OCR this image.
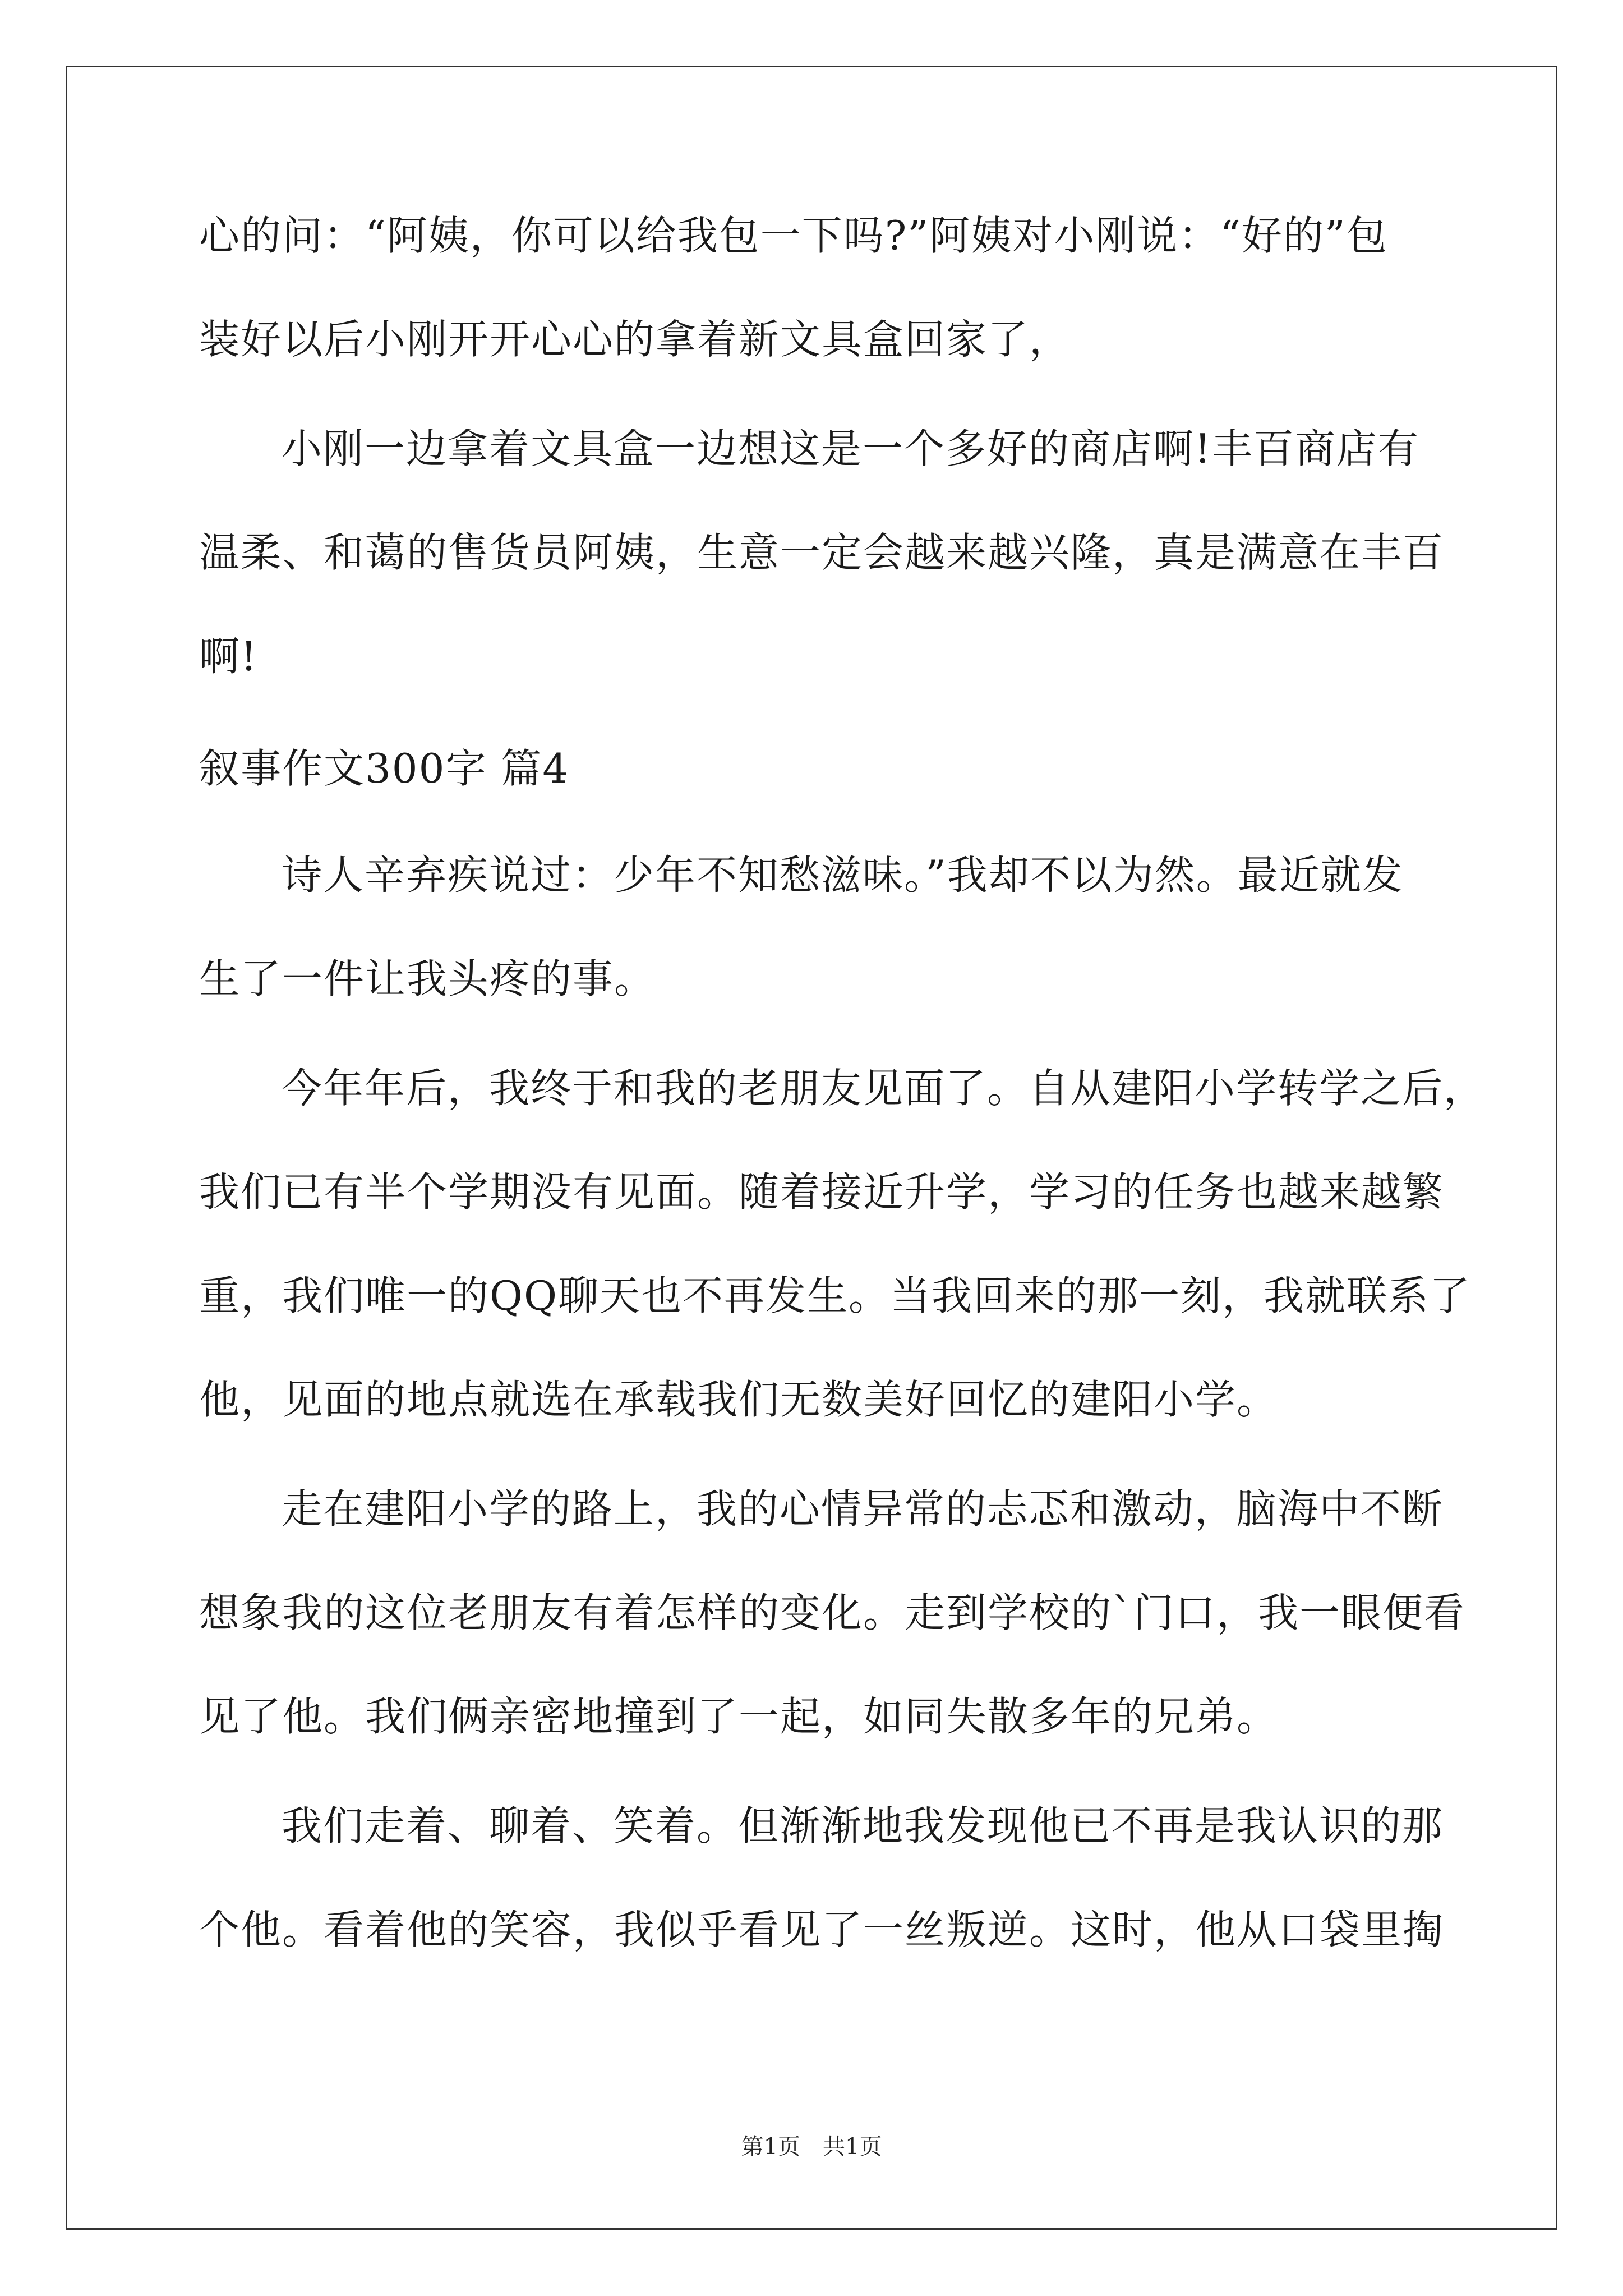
心的问：“阿姨，你可以给我包一下吗?”阿姨对小刚说：“好的”包
装好以后小刚开开心心的拿着新文具盒回家了，
小刚一边拿着文具盒一边想这是一个多好的商店啊!丰百商店有
温柔、和蔼的售货员阿姨，生意一定会越来越兴隆，真是满意在丰百
啊!
叙事作文300字 篇4
诗人辛弃疾说过：少年不知愁滋味。”我却不以为然。最近就发
生了一件让我头疼的事。
今年年后，我终于和我的老朋友见面了。自从建阳小学转学之后，
我们已有半个学期没有见面。随着接近升学，学习的任务也越来越繁
重，我们唯一的QQ聊天也不再发生。当我回来的那一刻，我就联系了
他，见面的地点就选在承载我们无数美好回忆的建阳小学。
走在建阳小学的路上，我的心情异常的忐忑和激动，脑海中不断
想象我的这位老朋友有着怎样的变化。走到学校的`门口，我一眼便看
见了他。我们俩亲密地撞到了一起，如同失散多年的兄弟。
我们走着、聊着、笑着。但渐渐地我发现他已不再是我认识的那
个他。看着他的笑容，我似乎看见了一丝叛逆。这时，他从口袋里掏
第1页 共1页
